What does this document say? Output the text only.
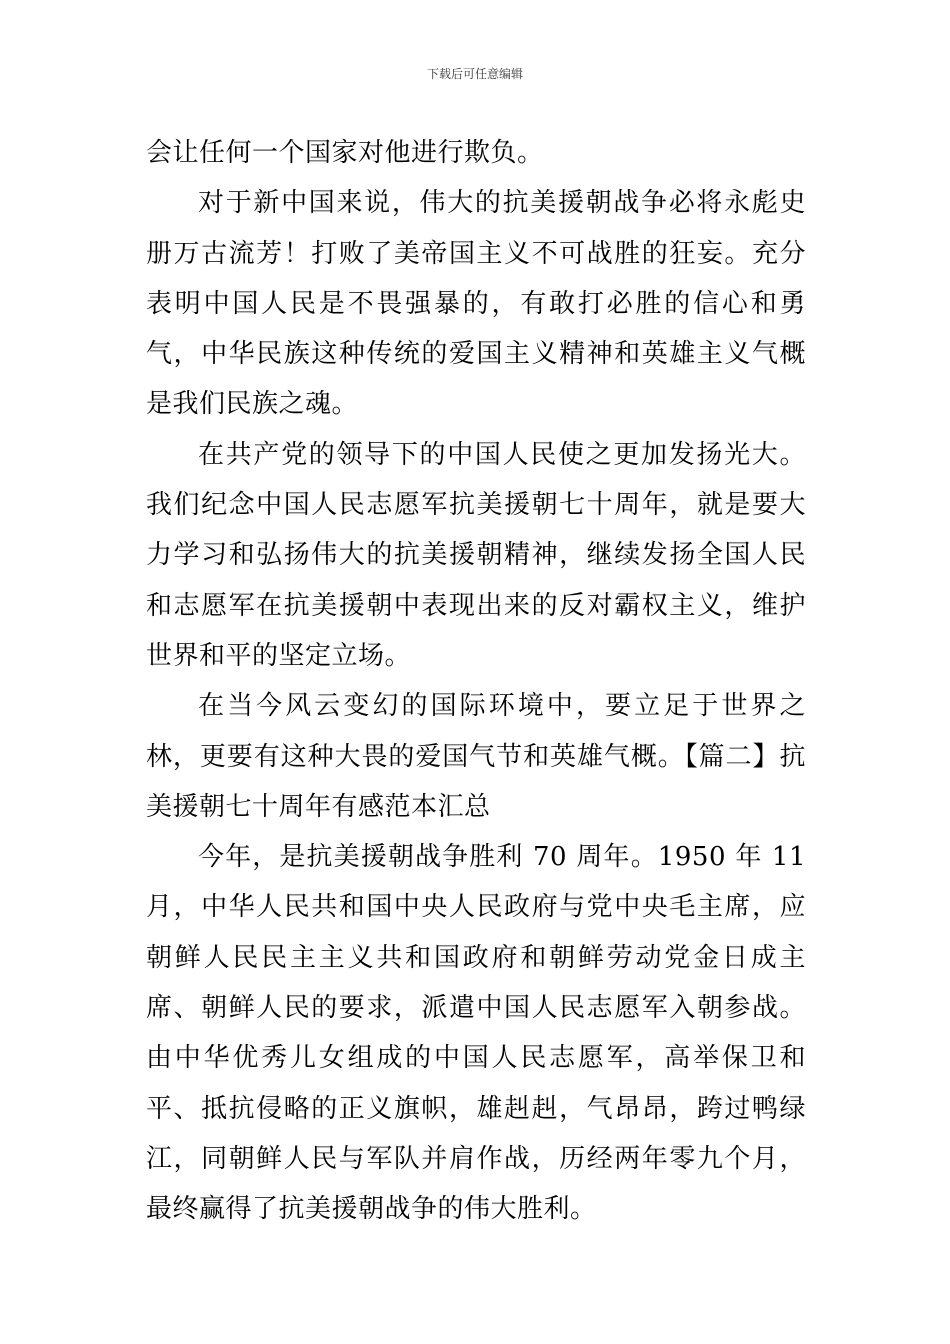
下载后可任意编辑

会让任何一个国家对他进行欺负。

对于新中国来说，伟大的抗美援朝战争必将永彪史册万古流芳！打败了美帝国主义不可战胜的狂妄。充分表明中国人民是不畏强暴的，有敢打必胜的信心和勇气，中华民族这种传统的爱国主义精神和英雄主义气概是我们民族之魂。

在共产党的领导下的中国人民使之更加发扬光大。我们纪念中国人民志愿军抗美援朝七十周年，就是要大力学习和弘扬伟大的抗美援朝精神，继续发扬全国人民和志愿军在抗美援朝中表现出来的反对霸权主义，维护世界和平的坚定立场。

在当今风云变幻的国际环境中，要立足于世界之林，更要有这种大畏的爱国气节和英雄气概。【篇二】抗美援朝七十周年有感范本汇总

今年，是抗美援朝战争胜利 70 周年。1950 年 11 月，中华人民共和国中央人民政府与党中央毛主席，应朝鲜人民民主主义共和国政府和朝鲜劳动党金日成主席、朝鲜人民的要求，派遣中国人民志愿军入朝参战。由中华优秀儿女组成的中国人民志愿军，高举保卫和平、抵抗侵略的正义旗帜，雄赳赳，气昂昂，跨过鸭绿江，同朝鲜人民与军队并肩作战，历经两年零九个月，最终赢得了抗美援朝战争的伟大胜利。
